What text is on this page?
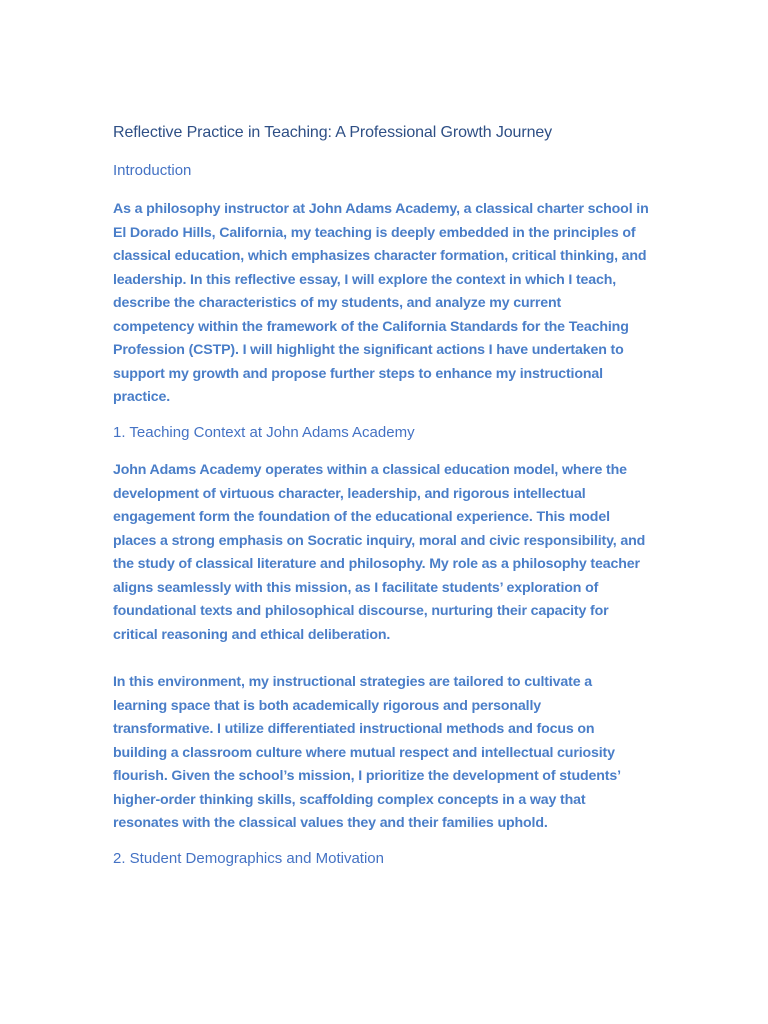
Reflective Practice in Teaching: A Professional Growth Journey
Introduction

As a philosophy instructor at John Adams Academy, a classical charter school in
El Dorado Hills, California, my teaching is deeply embedded in the principles of
classical education, which emphasizes character formation, critical thinking, and
leadership. In this reflective essay, I will explore the context in which I teach,
describe the characteristics of my students, and analyze my current
competency within the framework of the California Standards for the Teaching
Profession (CSTP). I will highlight the significant actions I have undertaken to
support my growth and propose further steps to enhance my instructional
practice.

1. Teaching Context at John Adams Academy

John Adams Academy operates within a classical education model, where the
development of virtuous character, leadership, and rigorous intellectual
engagement form the foundation of the educational experience. This model
places a strong emphasis on Socratic inquiry, moral and civic responsibility, and
the study of classical literature and philosophy. My role as a philosophy teacher
aligns seamlessly with this mission, as I facilitate students’ exploration of
foundational texts and philosophical discourse, nurturing their capacity for
critical reasoning and ethical deliberation.

In this environment, my instructional strategies are tailored to cultivate a
learning space that is both academically rigorous and personally
transformative. I utilize differentiated instructional methods and focus on
building a classroom culture where mutual respect and intellectual curiosity
flourish. Given the school’s mission, I prioritize the development of students’
higher-order thinking skills, scaffolding complex concepts in a way that
resonates with the classical values they and their families uphold.

2. Student Demographics and Motivation
